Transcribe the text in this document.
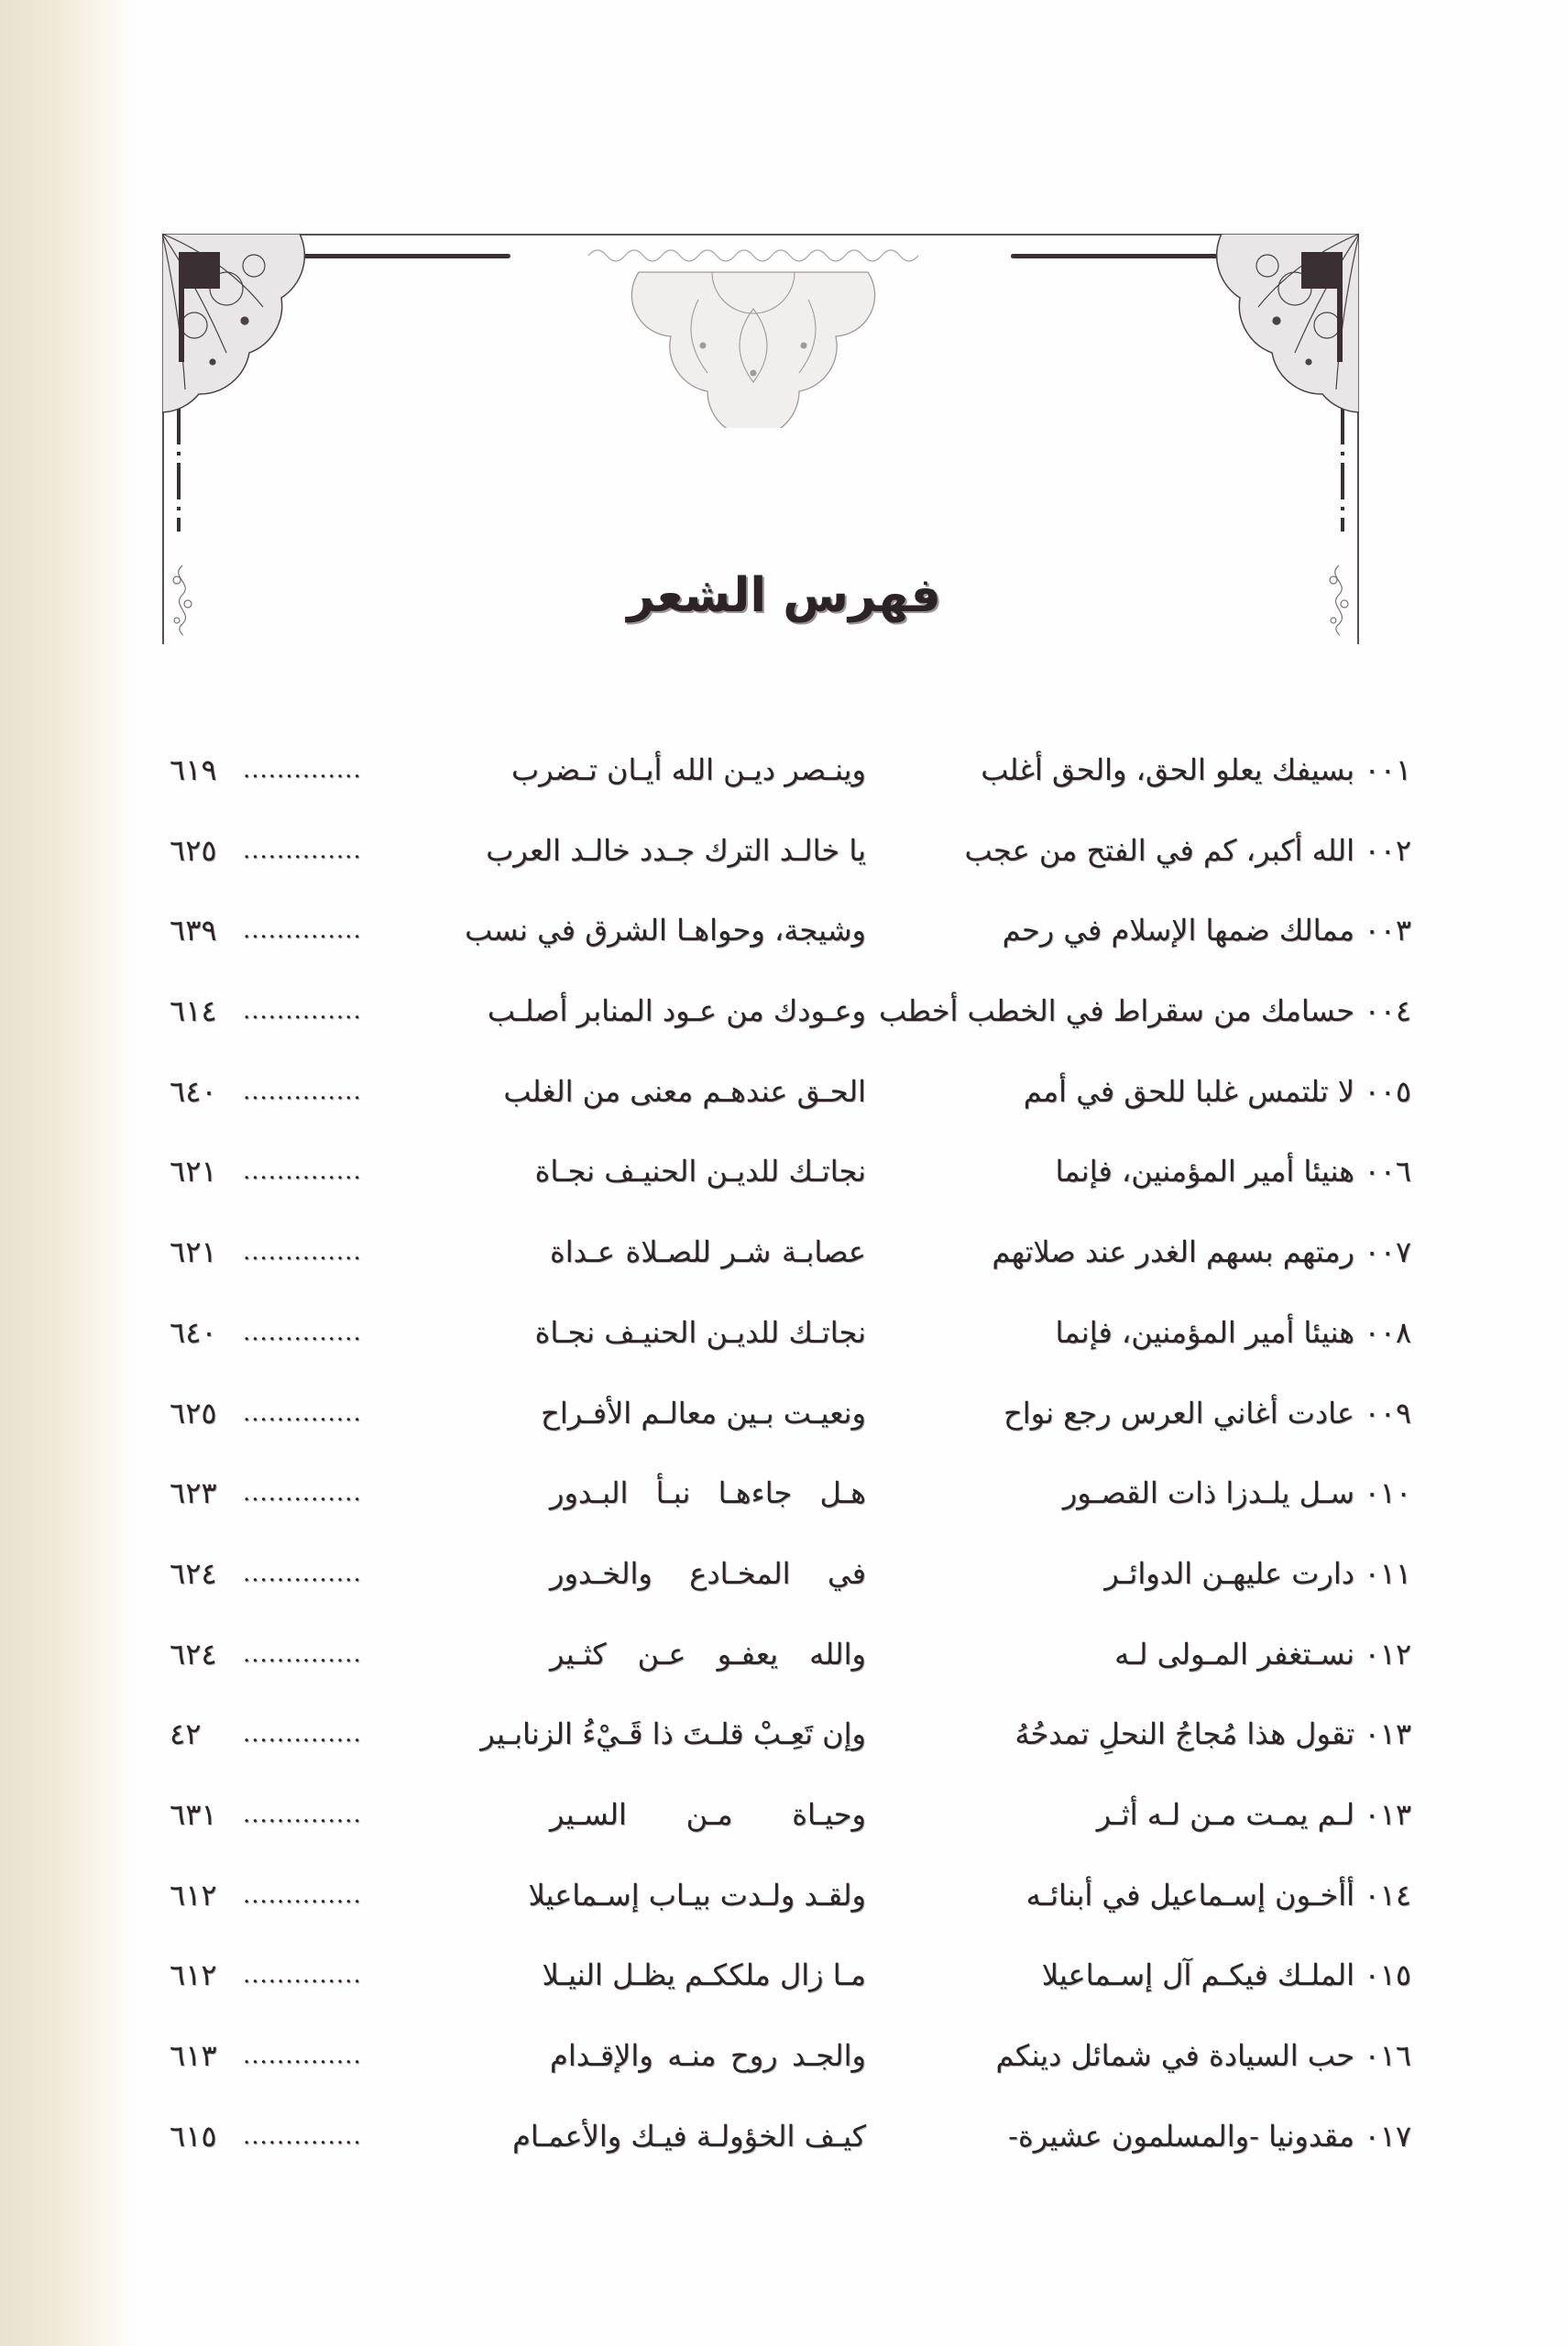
فهرس الشعر
٠٠١
بسيفك يعلو الحق، والحق أغلب
وينـصر ديـن الله أيـان تـضرب
..............
٦١٩
٠٠٢
الله أكبر، كم في الفتح من عجب
يا خالـد الترك جـدد خالـد العرب
..............
٦٢٥
٠٠٣
ممالك ضمها الإسلام في رحم
وشيجة، وحواهـا الشرق في نسب
..............
٦٣٩
٠٠٤
حسامك من سقراط في الخطب أخطب
وعـودك من عـود المنابر أصلـب
..............
٦١٤
٠٠٥
لا تلتمس غلبا للحق في أمم
الحـق عندهـم معنى من الغلب
..............
٦٤٠
٠٠٦
هنيئا أمير المؤمنين، فإنما
نجاتـك للديـن الحنيـف نجـاة
..............
٦٢١
٠٠٧
رمتهم بسهم الغدر عند صلاتهم
عصابـة شـر للصـلاة عـداة
..............
٦٢١
٠٠٨
هنيئا أمير المؤمنين، فإنما
نجاتـك للديـن الحنيـف نجـاة
..............
٦٤٠
٠٠٩
عادت أغاني العرس رجع نواح
ونعيـت بـين معالـم الأفـراح
..............
٦٢٥
٠١٠
سـل يلـدزا ذات القصـور
هـل جاءهـا نبـأ البـدور
..............
٦٢٣
٠١١
دارت عليهـن الدوائـر
في المخـادع والخـدور
..............
٦٢٤
٠١٢
نسـتغفر المـولى لـه
والله يعفـو عـن كثـير
..............
٦٢٤
٠١٣
تقول هذا مُجاجُ النحلِ تمدحُهُ
وإن تَعِـبْ قلـتَ ذا قَـيْءُ الزنابـير
..............
٤٢
٠١٣
لـم يمـت مـن لـه أثـر
وحيـاة مـن السـير
..............
٦٣١
٠١٤
أأخـون إسـماعيل في أبنائـه
ولقـد ولـدت بيـاب إسـماعيلا
..............
٦١٢
٠١٥
الملـك فيكـم آل إسـماعيلا
مـا زال ملككـم يظـل النيـلا
..............
٦١٢
٠١٦
حب السيادة في شمائل دينكم
والجـد روح منـه والإقـدام
..............
٦١٣
٠١٧
مقدونيا -والمسلمون عشيرة-
كيـف الخؤولـة فيـك والأعمـام
..............
٦١٥
